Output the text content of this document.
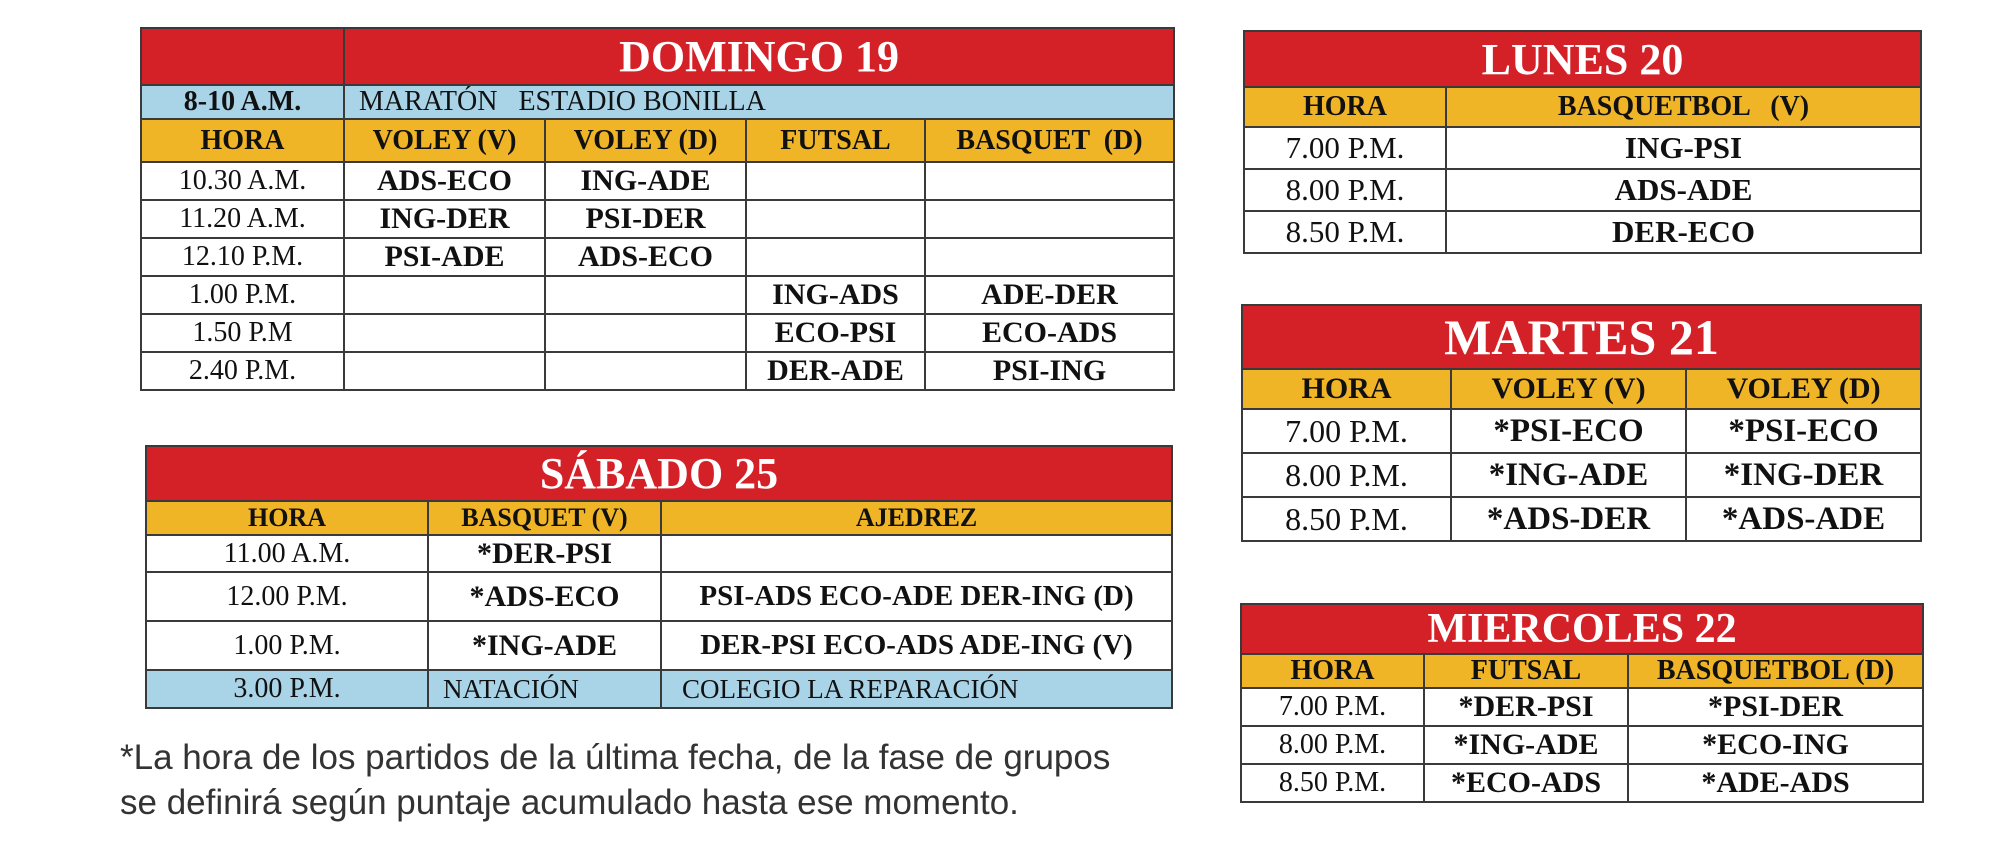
	DOMINGO 19			
8-10 A.M.	MARATÓN   ESTADIO BONILLA			
HORA	VOLEY (V)	VOLEY (D)	FUTSAL	BASQUET  (D)
10.30 A.M.	ADS-ECO	ING-ADE		
11.20 A.M.	ING-DER	PSI-DER		
12.10 P.M.	PSI-ADE	ADS-ECO		
1.00 P.M.			ING-ADS	ADE-DER
1.50 P.M			ECO-PSI	ECO-ADS
2.40 P.M.			DER-ADE	PSI-ING
SÁBADO 25		
HORA	BASQUET (V)	AJEDREZ
11.00 A.M.	*DER-PSI	
12.00 P.M.	*ADS-ECO	PSI-ADS ECO-ADE DER-ING (D)
1.00 P.M.	*ING-ADE	DER-PSI ECO-ADS ADE-ING (V)
3.00 P.M.	NATACIÓN	COLEGIO LA REPARACIÓN
LUNES 20	
HORA	BASQUETBOL   (V)
7.00 P.M.	ING-PSI
8.00 P.M.	ADS-ADE
8.50 P.M.	DER-ECO
MARTES 21		
HORA	VOLEY (V)	VOLEY (D)
7.00 P.M.	*PSI-ECO	*PSI-ECO
8.00 P.M.	*ING-ADE	*ING-DER
8.50 P.M.	*ADS-DER	*ADS-ADE
MIERCOLES 22		
HORA	FUTSAL	BASQUETBOL (D)
7.00 P.M.	*DER-PSI	*PSI-DER
8.00 P.M.	*ING-ADE	*ECO-ING
8.50 P.M.	*ECO-ADS	*ADE-ADS
*La hora de los partidos de la última fecha, de la fase de grupos
se definirá según puntaje acumulado hasta ese momento.
